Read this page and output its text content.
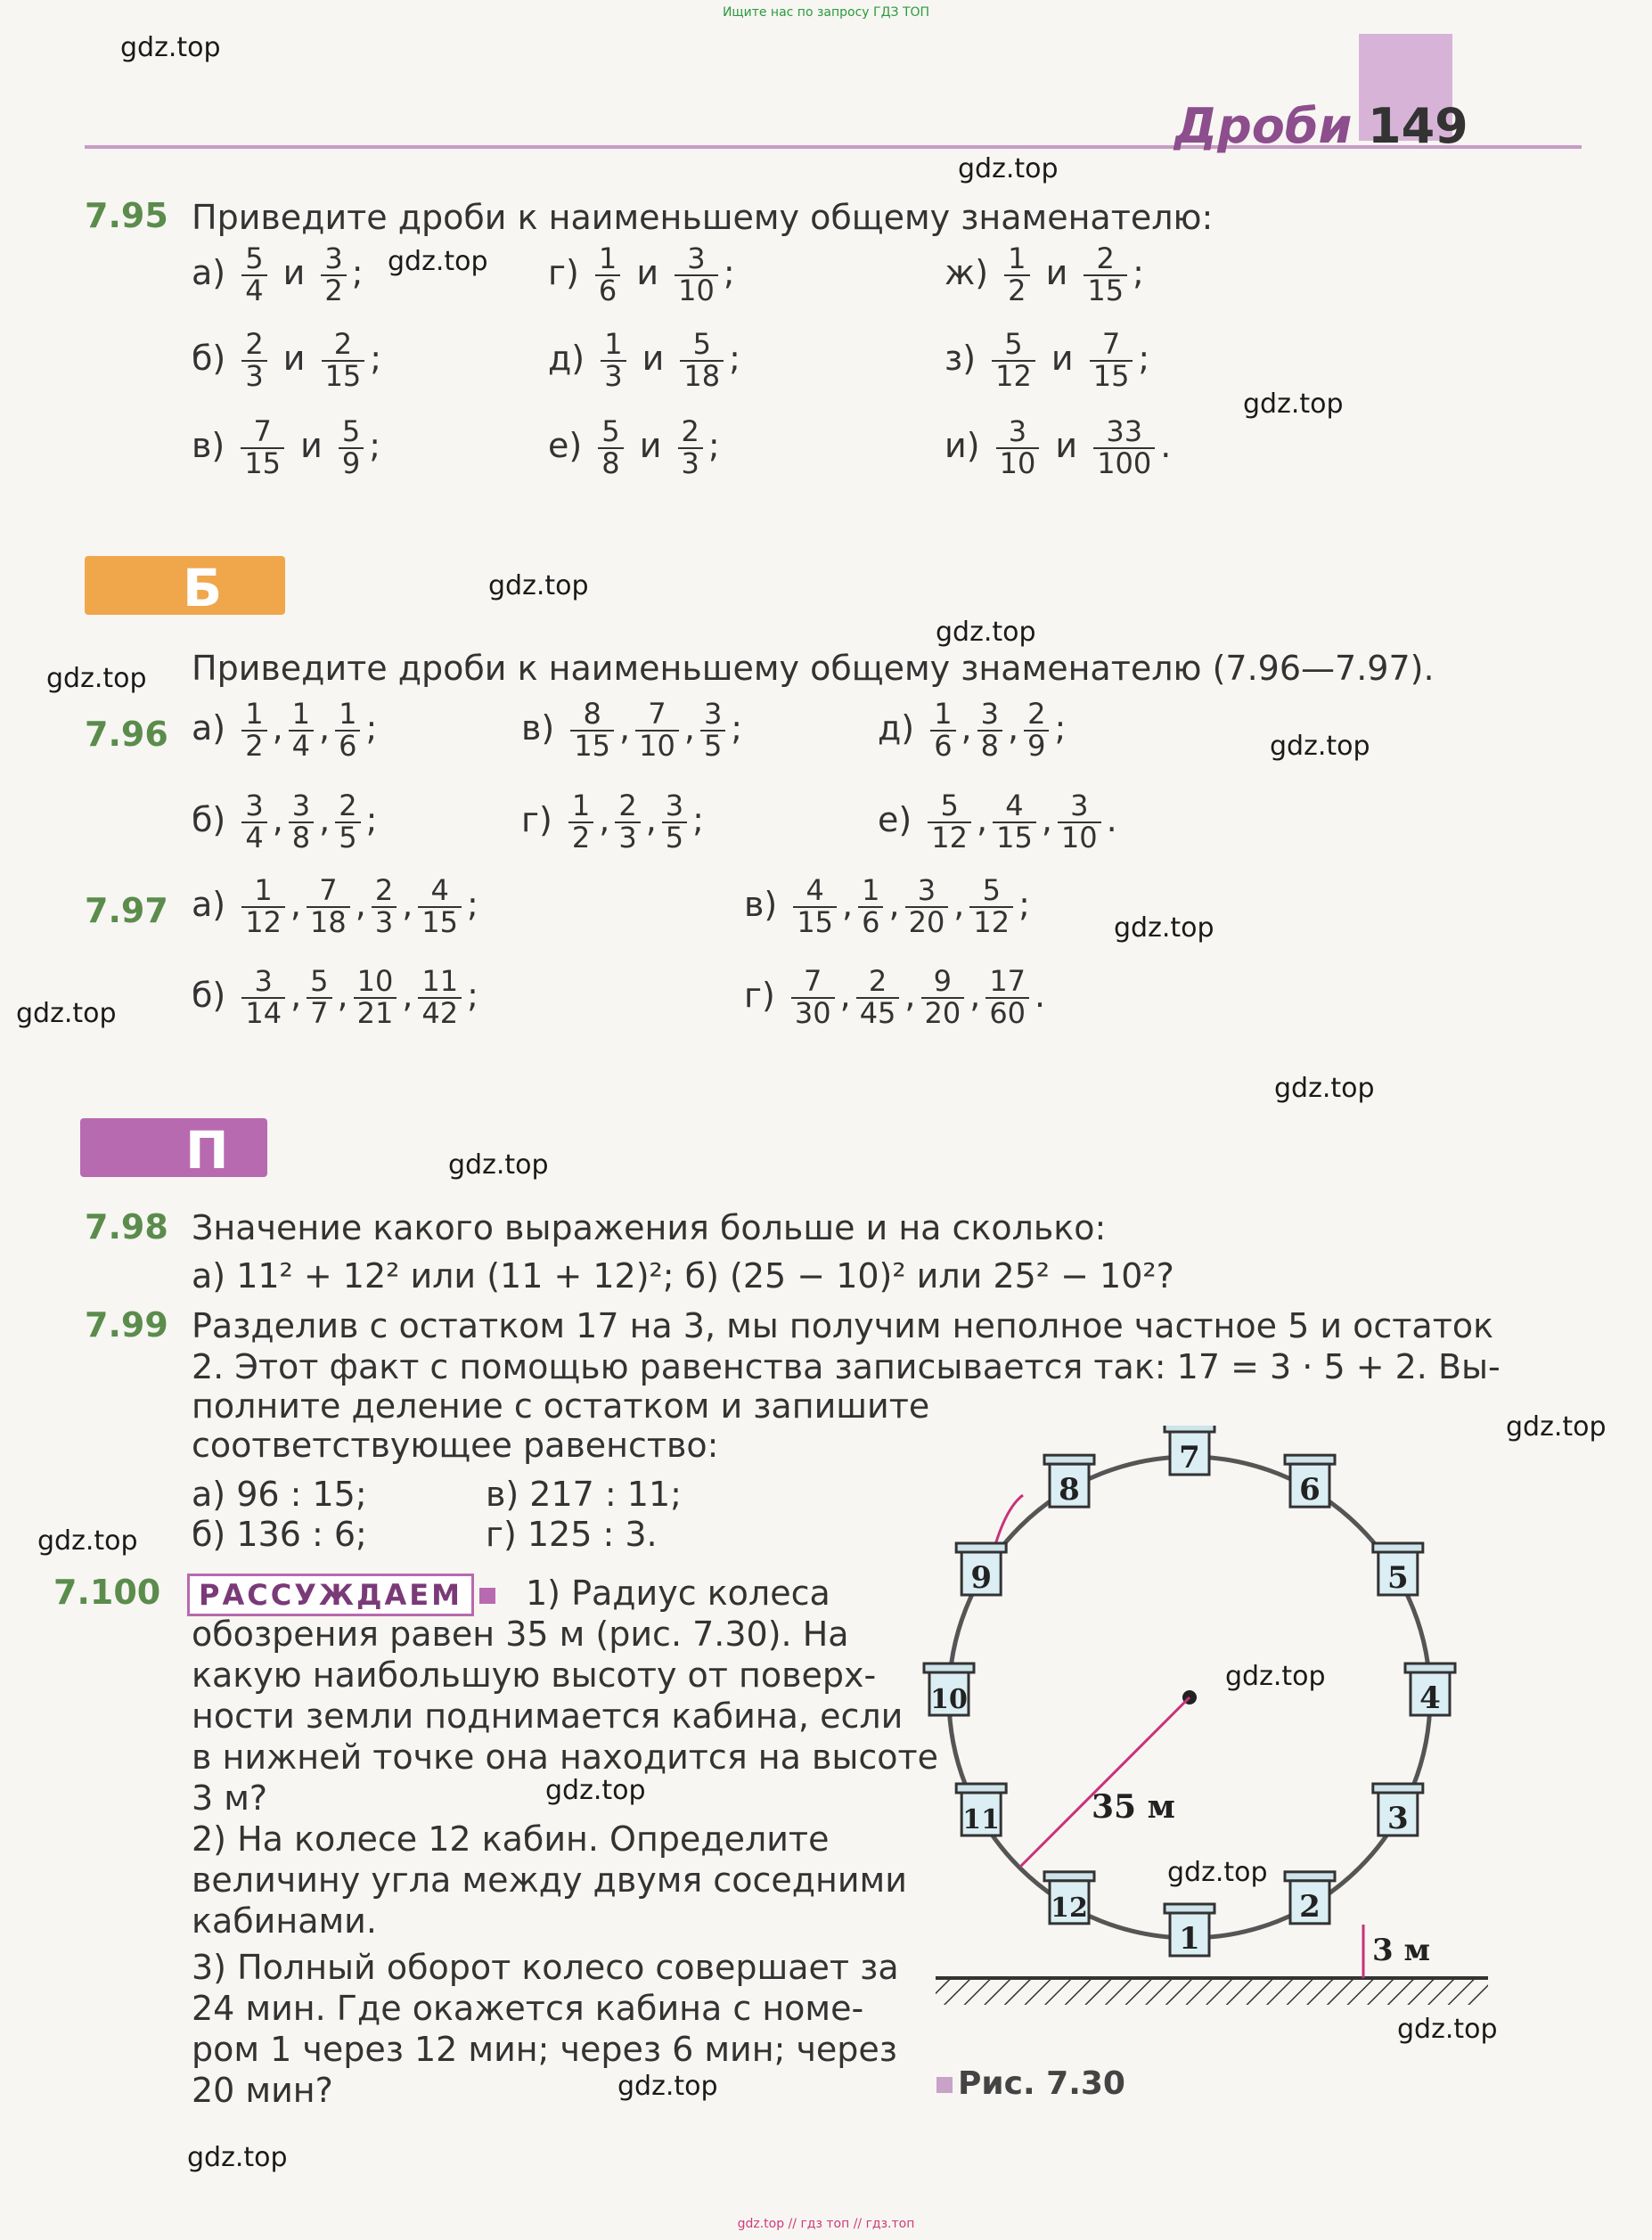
Ищите нас по запросу ГДЗ ТОП
Дроби 149
7.95 Приведите дроби к наименьшему общему знаменателю:
$а) \frac{5}{4}$ и $\frac{3}{2}$ ;	$г) \frac{1}{6}$ и $\frac{3}{10}$ ;	$ж) \frac{1}{2}$ и $\frac{2}{15}$ ;
$б) \frac{2}{3}$ и $\frac{2}{15}$ ;	$д) \frac{1}{3}$ и $\frac{5}{18}$ ;	$з) \frac{5}{12}$ и $\frac{7}{15}$ ;
$в) \frac{7}{15}$ и $\frac{5}{9}$ ;	$е) \frac{5}{8}$ и $\frac{2}{3}$ ;	$и) \frac{3}{10}$ и $\frac{33}{100}$ .
Б
Приведите дроби к наименьшему общему знаменателю (7.96—7.97).
7.96 $а) \frac{1}{2}$ , $\frac{1}{4}$ , $\frac{1}{6}$ ;	$в) \frac{8}{15}$ , $\frac{7}{10}$ , $\frac{3}{5}$ ;	$д) \frac{1}{6}$ , $\frac{3}{8}$ , $\frac{2}{9}$ ;
$б) \frac{3}{4}$ , $\frac{3}{8}$ , $\frac{2}{5}$ ;	$г) \frac{1}{2}$ , $\frac{2}{3}$ , $\frac{3}{5}$ ;	$е) \frac{5}{12}$ , $\frac{4}{15}$ , $\frac{3}{10}$ .
7.97 $а) \frac{1}{12}$ , $\frac{7}{18}$ , $\frac{2}{3}$ , $\frac{4}{15}$ ;	$в) \frac{4}{15}$ , $\frac{1}{6}$ , $\frac{3}{20}$ , $\frac{5}{12}$ ;
$б) \frac{3}{14}$ , $\frac{5}{7}$ , $\frac{10}{21}$ , $\frac{11}{42}$ ;	$г) \frac{7}{30}$ , $\frac{2}{45}$ , $\frac{9}{20}$ , $\frac{17}{60}$ .
П
7.98 Значение какого выражения больше и на сколько:
а) 11² + 12² или (11 + 12)²; б) (25 − 10)² или 25² − 10²?
7.99 Разделив с остатком 17 на 3, мы получим неполное частное 5 и остаток
2. Этот факт с помощью равенства записывается так: 17 = 3 · 5 + 2. Вы-
полните деление с остатком и запишите
соответствующее равенство:
а) 96 : 15;	в) 217 : 11;
б) 136 : 6;	г) 125 : 3.
7.100	РАССУЖДАЕМ	1) Радиус колеса
обозрения равен 35 м (рис. 7.30). На
какую наибольшую высоту от поверх-
ности земли поднимается кабина, если
в нижней точке она находится на высоте
3 м?
2) На колесе 12 кабин. Определите
величину угла между двумя соседними
кабинами.
3) Полный оборот колесо совершает за
24 мин. Где окажется кабина с номе-
ром 1 через 12 мин; через 6 мин; через
20 мин?
35 м
3 м
1
2
3
4
5
6
7
8
9
10
11
12
Рис. 7.30
gdz.top
gdz.top
gdz.top
gdz.top
gdz.top
gdz.top
gdz.top
gdz.top
gdz.top
gdz.top
gdz.top
gdz.top
gdz.top
gdz.top
gdz.top
gdz.top
gdz.top
gdz.top
gdz.top
gdz.top
gdz.top // гдз топ // гдз.топ
